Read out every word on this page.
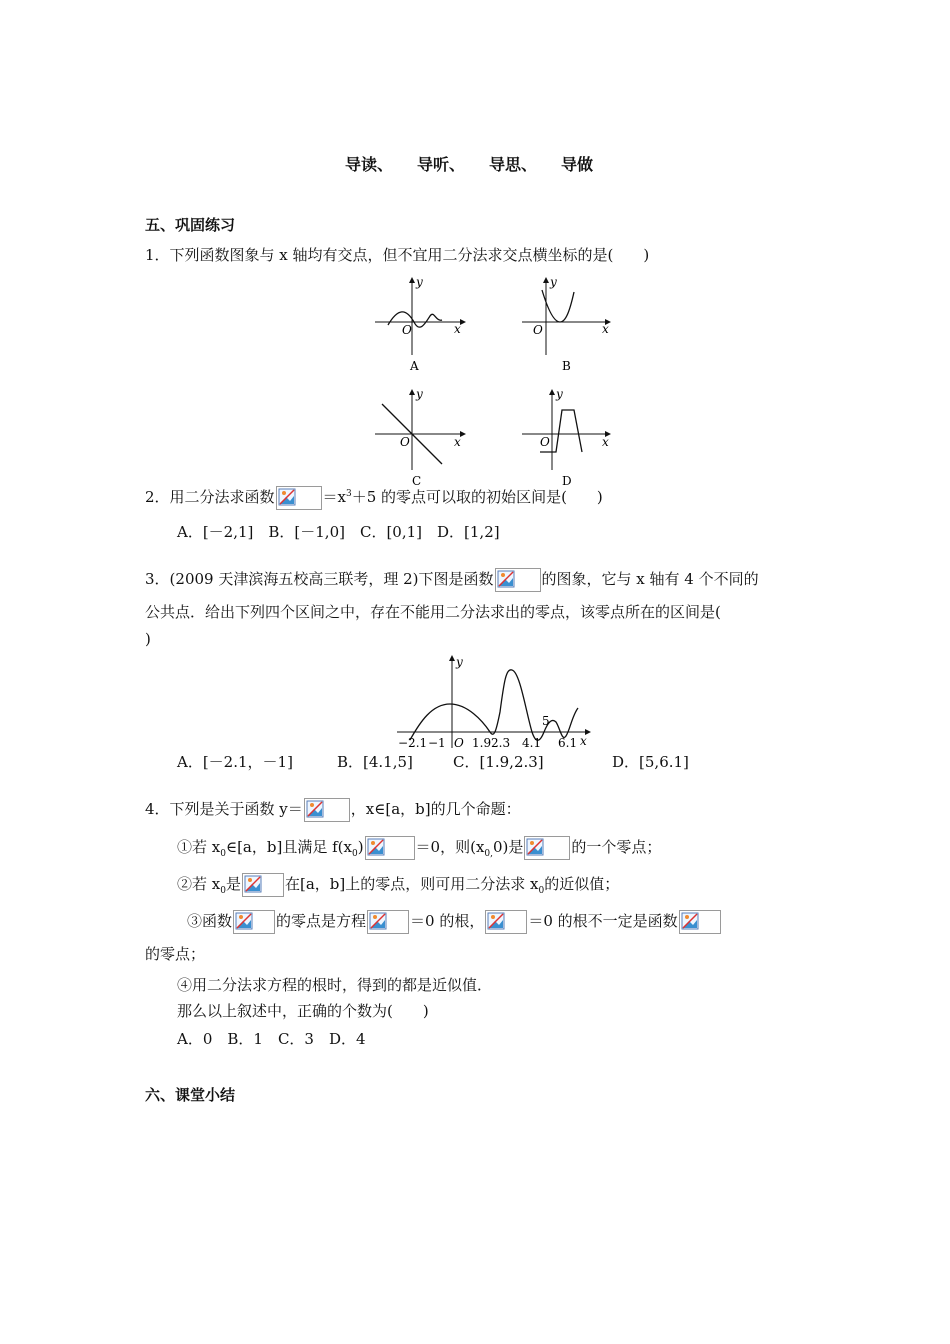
导读、　　导听、　　导思、　　导做
五、巩固练习
1．下列函数图象与 x 轴均有交点，但不宜用二分法求交点横坐标的是(　　)
O	x
y
A
O	x
y
B
O	x
y
C
O	x
y
D
2．用二分法求函数	$=x^3+5$ 的零点可以取的初始区间是(　　)
A．[－2,1]　B．[－1,0]　C．[0,1]　D．[1,2]
3．(2009 天津滨海五校高三联考，理 2)下图是函数	的图象，它与 x 轴有 4 个不同的
公共点．给出下列四个区间之中，存在不能用二分法求出的零点，该零点所在的区间是(
)
−2.1 −1 O 1.9 2.3 4.1
5
6.1 x
y
A．[－2.1，－1]	B．[4.1,5]	C．[1.9,2.3]	D．[5,6.1]
4．下列是关于函数 y＝	，x∈[a，b]的几个命题：
①若 $x_0\in[a$，b]且满足 $f(x_0)$	＝0，则$(x_{0,}0)$是	的一个零点；
②若 $x_0$是	在[a，b]上的零点，则可用二分法求 $x_0$的近似值；
③函数	的零点是方程	＝0 的根，	＝0 的根不一定是函数
的零点；
④用二分法求方程的根时，得到的都是近似值．
那么以上叙述中，正确的个数为(　　)
A．0　B．1　C．3　D．4
六、课堂小结
